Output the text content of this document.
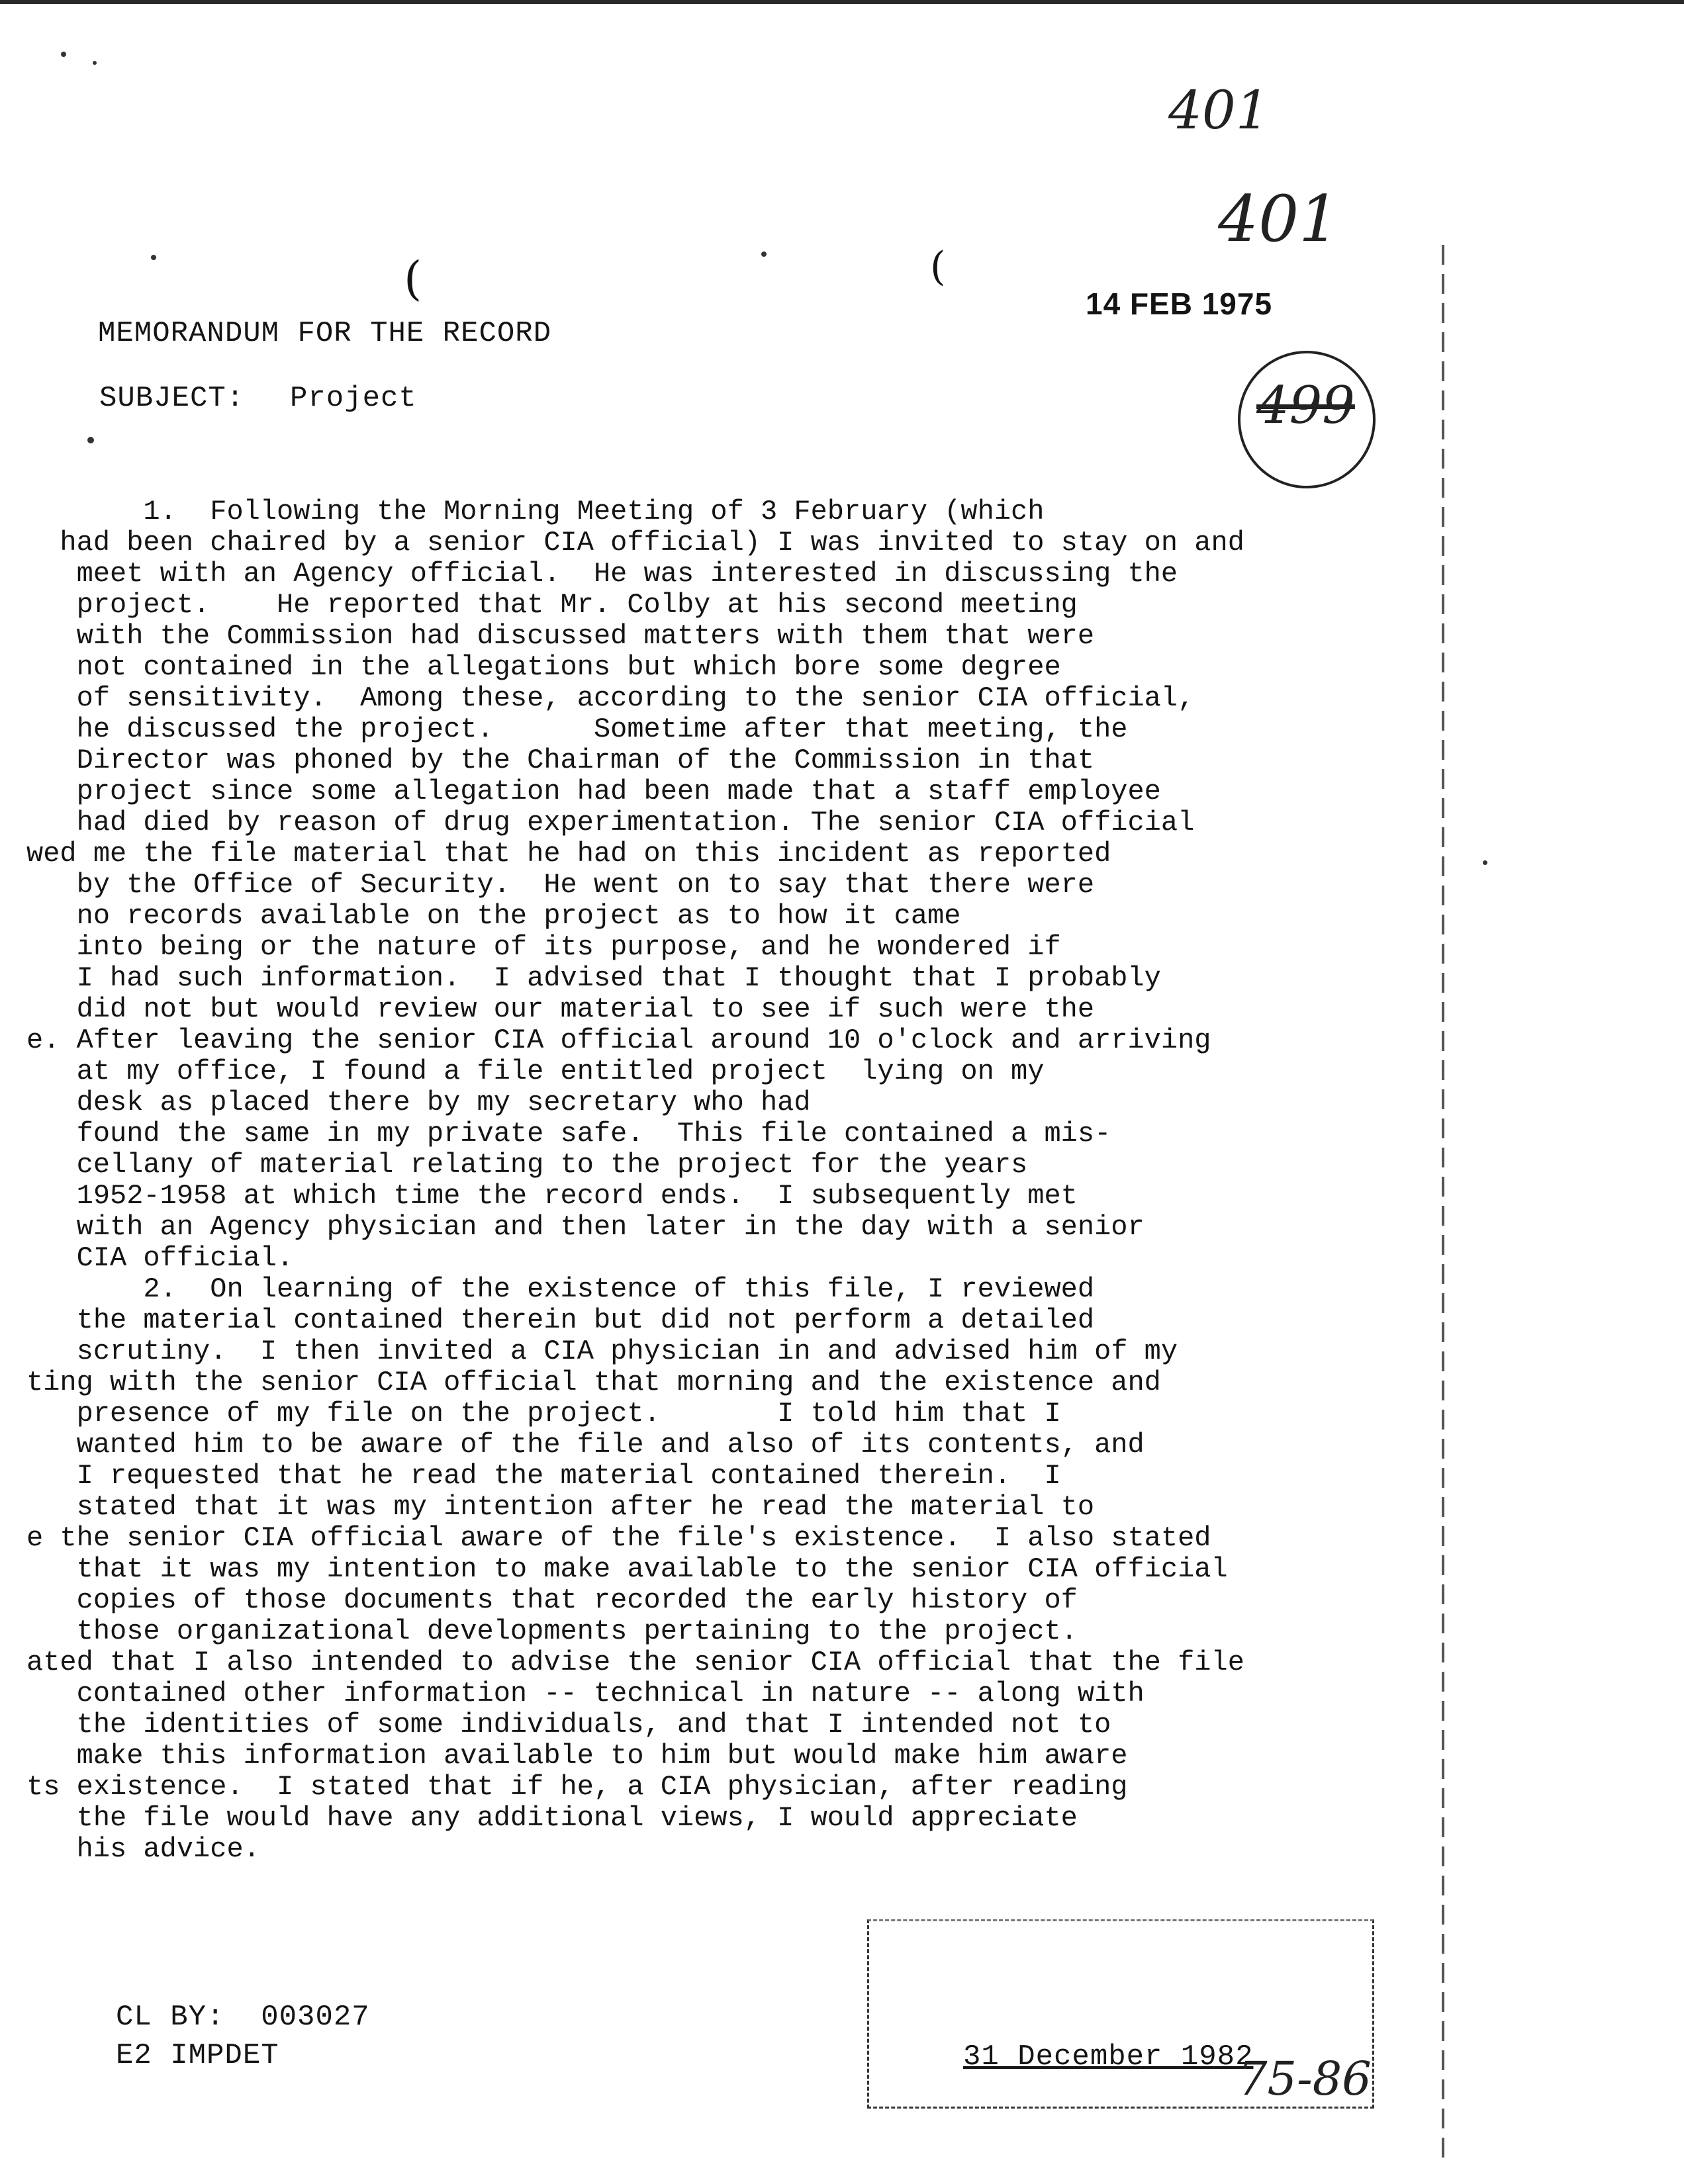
401
401
14 FEB 1975
(	(
499
MEMORANDUM FOR THE RECORD
SUBJECT: Project
1.  Following the Morning Meeting of 3 February (which
had been chaired by a senior CIA official) I was invited to stay on and
meet with an Agency official.  He was interested in discussing the
project.    He reported that Mr. Colby at his second meeting
with the Commission had discussed matters with them that were
not contained in the allegations but which bore some degree
of sensitivity.  Among these, according to the senior CIA official,
he discussed the project.      Sometime after that meeting, the
Director was phoned by the Chairman of the Commission in that
project since some allegation had been made that a staff employee
had died by reason of drug experimentation. The senior CIA official
wed me the file material that he had on this incident as reported
by the Office of Security.  He went on to say that there were
no records available on the project as to how it came
into being or the nature of its purpose, and he wondered if
I had such information.  I advised that I thought that I probably
did not but would review our material to see if such were the
e. After leaving the senior CIA official around 10 o'clock and arriving
at my office, I found a file entitled project  lying on my
desk as placed there by my secretary who had
found the same in my private safe.  This file contained a mis-
cellany of material relating to the project for the years
1952-1958 at which time the record ends.  I subsequently met
with an Agency physician and then later in the day with a senior
CIA official.
2.  On learning of the existence of this file, I reviewed
the material contained therein but did not perform a detailed
scrutiny.  I then invited a CIA physician in and advised him of my
ting with the senior CIA official that morning and the existence and
presence of my file on the project.       I told him that I
wanted him to be aware of the file and also of its contents, and
I requested that he read the material contained therein.  I
stated that it was my intention after he read the material to
e the senior CIA official aware of the file's existence.  I also stated
that it was my intention to make available to the senior CIA official
copies of those documents that recorded the early history of
those organizational developments pertaining to the project.
ated that I also intended to advise the senior CIA official that the file
contained other information -- technical in nature -- along with
the identities of some individuals, and that I intended not to
make this information available to him but would make him aware
ts existence.  I stated that if he, a CIA physician, after reading
the file would have any additional views, I would appreciate
his advice.
CL BY:  003027
E2 IMPDET	31 December 1982
75-86
